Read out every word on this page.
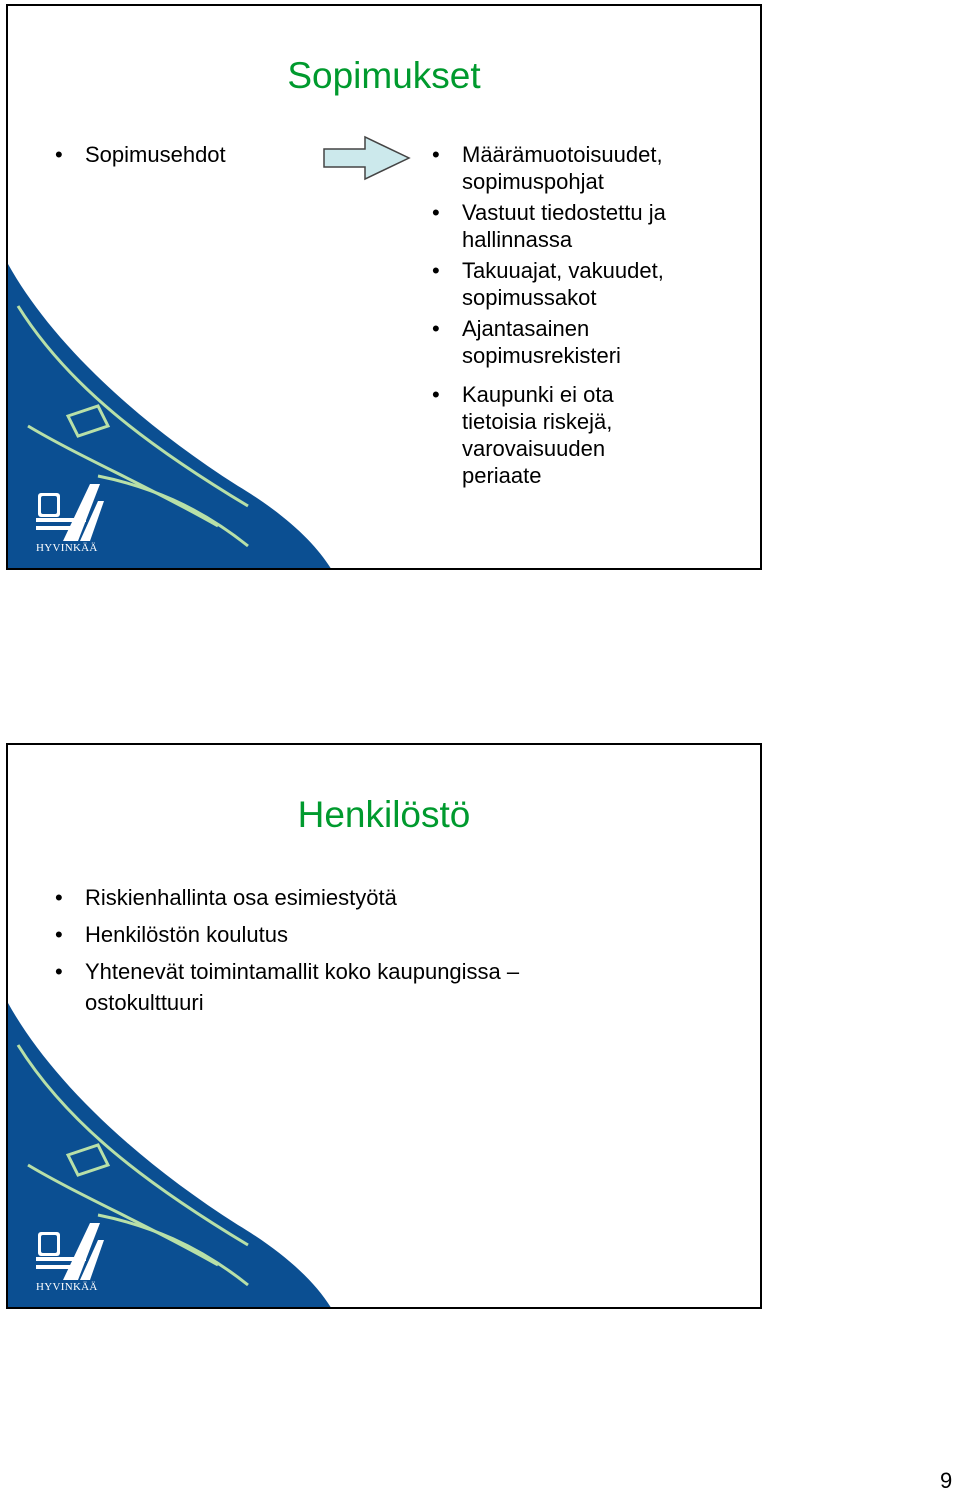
HYVINKÄÄ
Sopimukset
• Sopimusehdot	• Määrämuotoisuudet, sopimuspohjat
• Vastuut tiedostettu ja hallinnassa
• Takuuajat, vakuudet, sopimussakot
• Ajantasainen sopimusrekisteri
• Kaupunki ei ota tietoisia riskejä, varovaisuuden periaate
HYVINKÄÄ
Henkilöstö
• Riskienhallinta osa esimiestyötä
• Henkilöstön koulutus
• Yhtenevät toimintamallit koko kaupungissa – ostokulttuuri
9
